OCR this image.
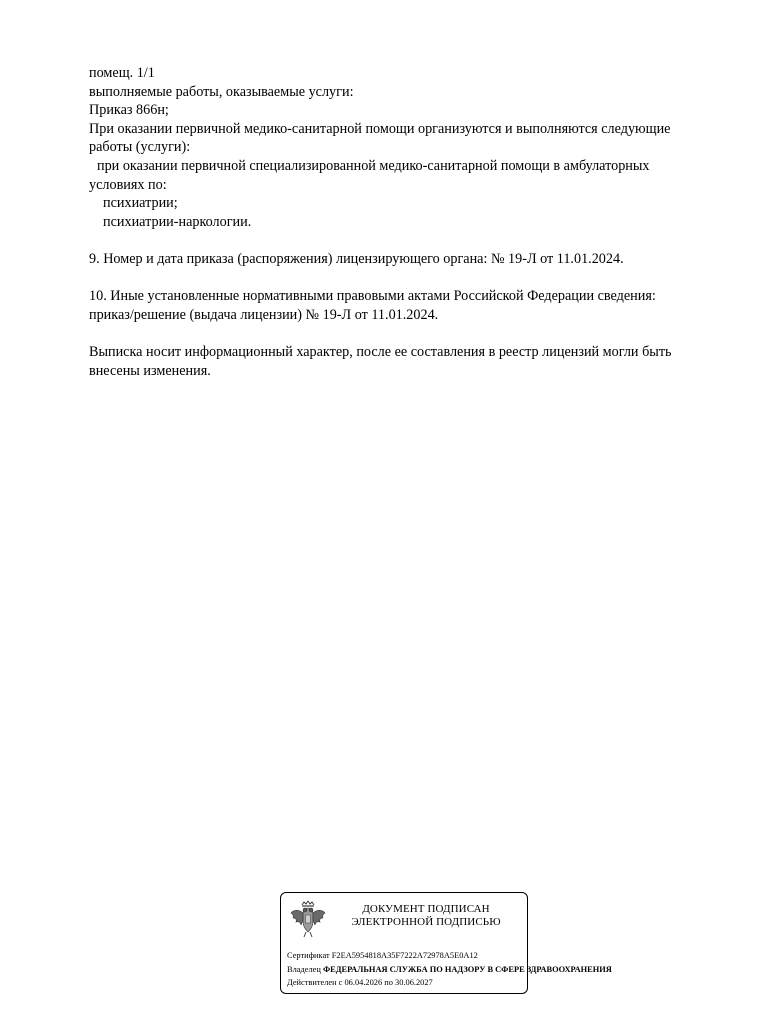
помещ. 1/1
выполняемые работы, оказываемые услуги:
Приказ 866н;
При оказании первичной медико-санитарной помощи организуются и выполняются следующие
работы (услуги):
при оказании первичной специализированной медико-санитарной помощи в амбулаторных
условиях по:
психиатрии;
психиатрии-наркологии.
9. Номер и дата приказа (распоряжения) лицензирующего органа: № 19-Л от 11.01.2024.
10. Иные установленные нормативными правовыми актами Российской Федерации сведения:
приказ/решение (выдача лицензии) № 19-Л от 11.01.2024.
Выписка носит информационный характер, после ее составления в реестр лицензий могли быть
внесены изменения.
ДОКУМЕНТ ПОДПИСАН
ЭЛЕКТРОННОЙ ПОДПИСЬЮ
Сертификат F2EA5954818A35F7222A72978A5E0A12
Владелец ФЕДЕРАЛЬНАЯ СЛУЖБА ПО НАДЗОРУ В СФЕРЕ ЗДРАВООХРАНЕНИЯ
Действителен с 06.04.2026 по 30.06.2027
